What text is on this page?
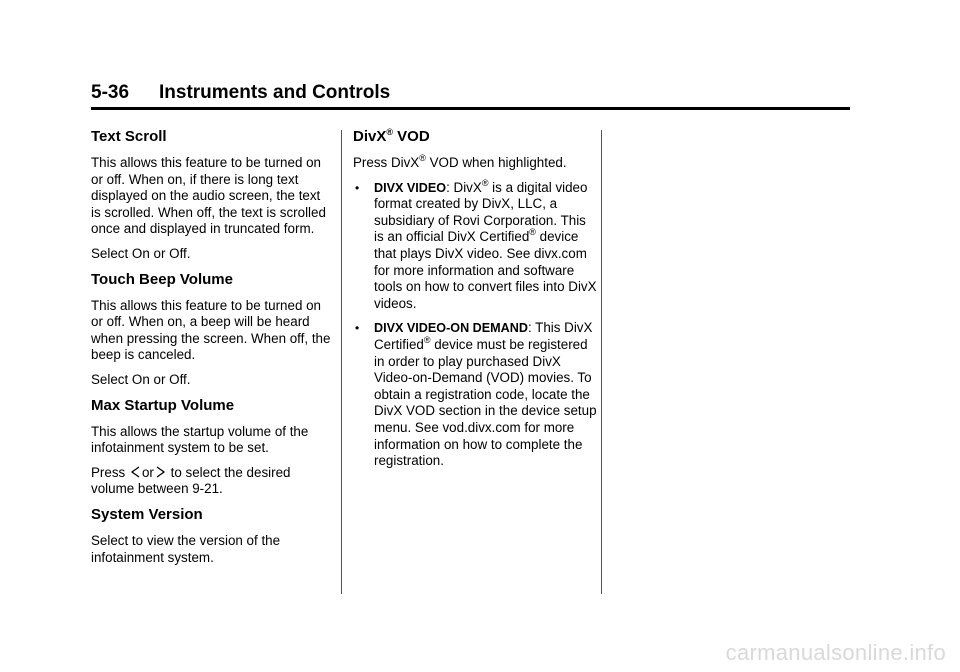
5-36 Instruments and Controls
Text Scroll

This allows this feature to be turned on or off. When on, if there is long text displayed on the audio screen, the text is scrolled. When off, the text is scrolled once and displayed in truncated form.

Select On or Off.

Touch Beep Volume

This allows this feature to be turned on or off. When on, a beep will be heard when pressing the screen. When off, the beep is canceled.

Select On or Off.

Max Startup Volume

This allows the startup volume of the infotainment system to be set.

Press or to select the desired volume between 9-21.

System Version

Select to view the version of the infotainment system.

DivX® VOD

Press DivX® VOD when highlighted.

• DIVX VIDEO: DivX® is a digital video format created by DivX, LLC, a subsidiary of Rovi Corporation. This is an official DivX Certified® device that plays DivX video. See divx.com for more information and software tools on how to convert files into DivX videos.
• DIVX VIDEO-ON DEMAND: This DivX Certified® device must be registered in order to play purchased DivX Video-on-Demand (VOD) movies. To obtain a registration code, locate the DivX VOD section in the device setup menu. See vod.divx.com for more information on how to complete the registration.
carmanualsonline.info
